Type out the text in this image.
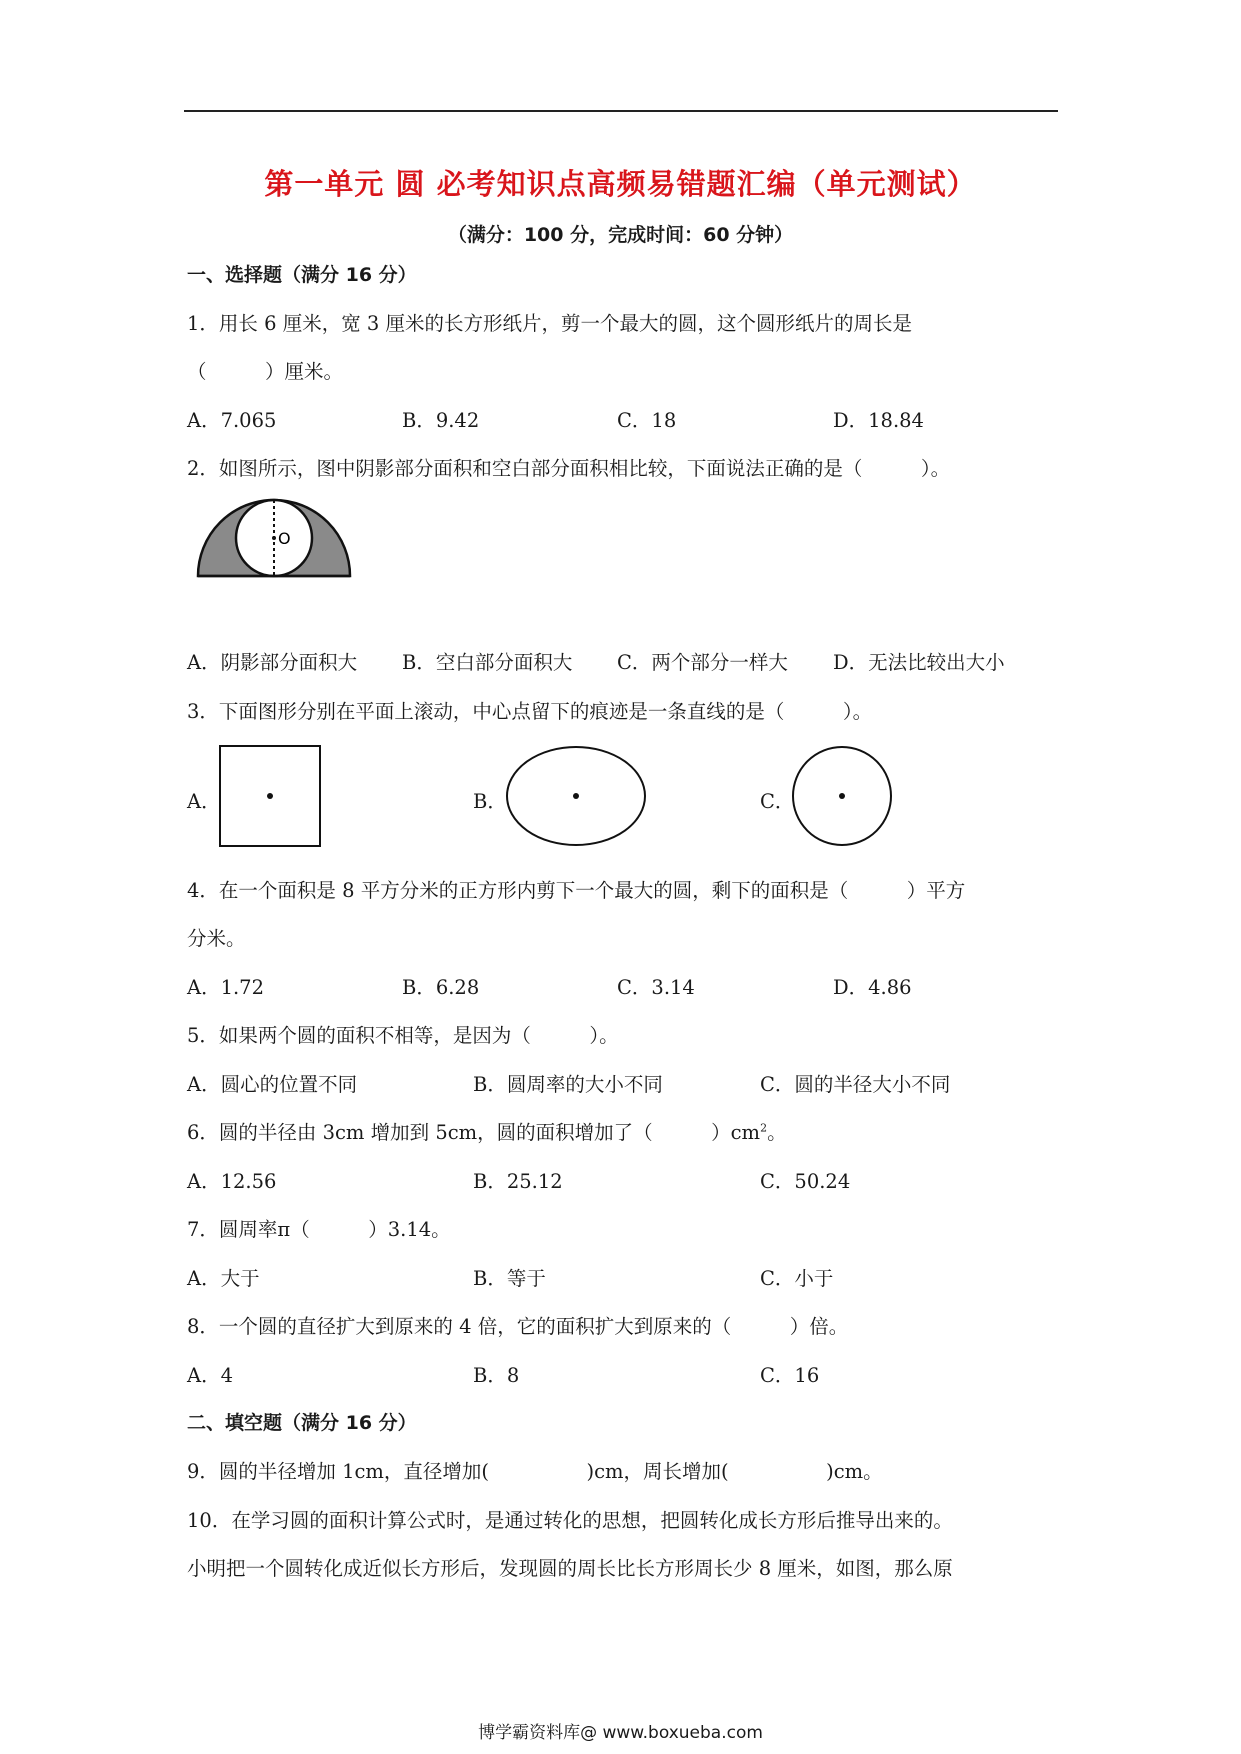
第一单元 圆 必考知识点高频易错题汇编（单元测试）
（满分：100 分，完成时间：60 分钟）
一、选择题（满分 16 分）
1．用长 6 厘米，宽 3 厘米的长方形纸片，剪一个最大的圆，这个圆形纸片的周长是
（　　　）厘米。
A．7.065	B．9.42	C．18	D．18.84
2．如图所示，图中阴影部分面积和空白部分面积相比较，下面说法正确的是（　　　）。
O
A．阴影部分面积大 B．空白部分面积大 C．两个部分一样大 D．无法比较出大小
3．下面图形分别在平面上滚动，中心点留下的痕迹是一条直线的是（　　　）。
A．	B．	C．
4．在一个面积是 8 平方分米的正方形内剪下一个最大的圆，剩下的面积是（　　　）平方
分米。
A．1.72	B．6.28	C．3.14	D．4.86
5．如果两个圆的面积不相等，是因为（　　　）。
A．圆心的位置不同	B．圆周率的大小不同	C．圆的半径大小不同
6．圆的半径由 3cm 增加到 5cm，圆的面积增加了（　　　）$cm^2$。
A．12.56	B．25.12	C．50.24
7．圆周率π（　　　）3.14。
A．大于	B．等于	C．小于
8．一个圆的直径扩大到原来的 4 倍，它的面积扩大到原来的（　　　）倍。
A．4	B．8	C．16
二、填空题（满分 16 分）
9．圆的半径增加 1cm，直径增加(　　　　　)cm，周长增加(　　　　　)cm。
10．在学习圆的面积计算公式时，是通过转化的思想，把圆转化成长方形后推导出来的。
小明把一个圆转化成近似长方形后，发现圆的周长比长方形周长少 8 厘米，如图，那么原
博学霸资料库@ www.boxueba.com
